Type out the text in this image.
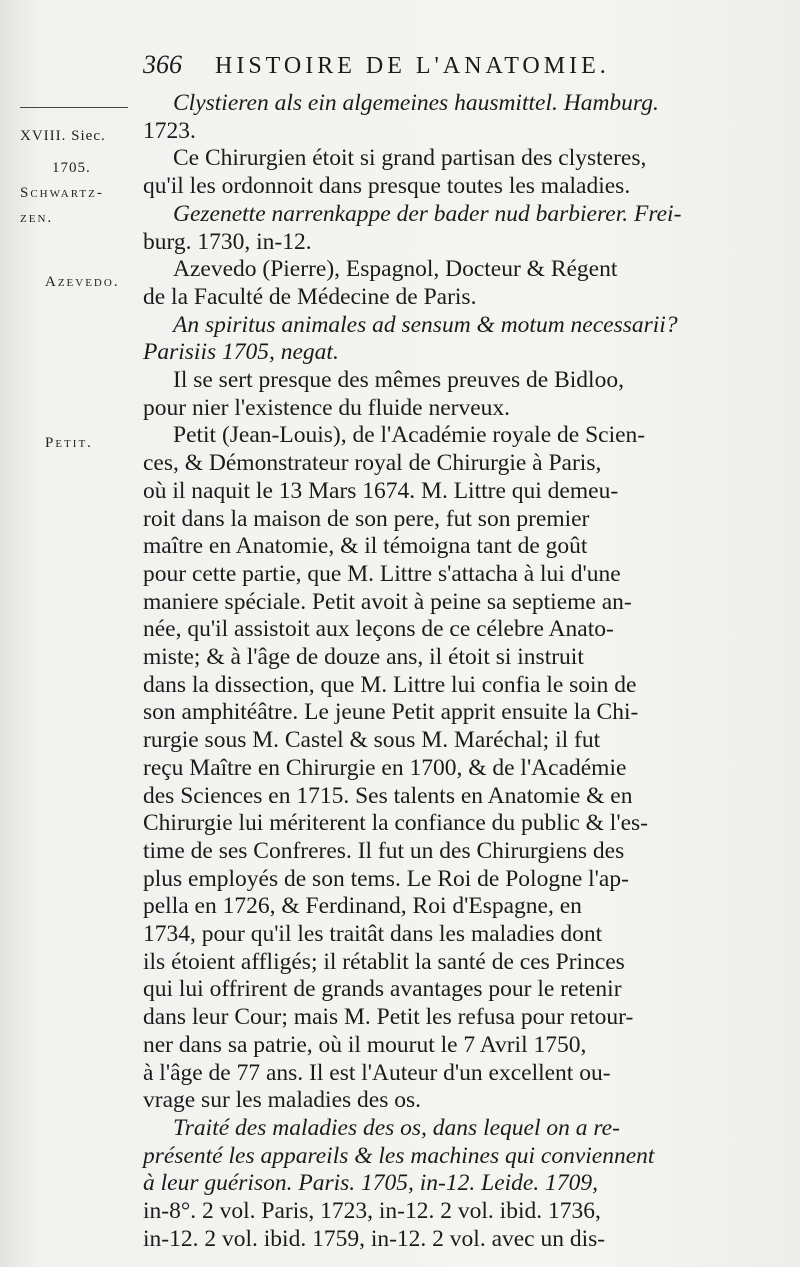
366 HISTOIRE DE L'ANATOMIE.
XVIII. Siec.
1705.
Schwartz-
zen.
Azevedo.
Petit.
Clystieren als ein algemeines hausmittel. Hamburg.
1723.
Ce Chirurgien étoit si grand partisan des clysteres,
qu'il les ordonnoit dans presque toutes les maladies.
Gezenette narrenkappe der bader nud barbierer. Frei-
burg. 1730, in-12.
Azevedo (Pierre), Espagnol, Docteur & Régent
de la Faculté de Médecine de Paris.
An spiritus animales ad sensum & motum necessarii?
Parisiis 1705, negat.
Il se sert presque des mêmes preuves de Bidloo,
pour nier l'existence du fluide nerveux.
Petit (Jean-Louis), de l'Académie royale de Scien-
ces, & Démonstrateur royal de Chirurgie à Paris,
où il naquit le 13 Mars 1674. M. Littre qui demeu-
roit dans la maison de son pere, fut son premier
maître en Anatomie, & il témoigna tant de goût
pour cette partie, que M. Littre s'attacha à lui d'une
maniere spéciale. Petit avoit à peine sa septieme an-
née, qu'il assistoit aux leçons de ce célebre Anato-
miste; & à l'âge de douze ans, il étoit si instruit
dans la dissection, que M. Littre lui confia le soin de
son amphitéâtre. Le jeune Petit apprit ensuite la Chi-
rurgie sous M. Castel & sous M. Maréchal; il fut
reçu Maître en Chirurgie en 1700, & de l'Académie
des Sciences en 1715. Ses talents en Anatomie & en
Chirurgie lui mériterent la confiance du public & l'es-
time de ses Confreres. Il fut un des Chirurgiens des
plus employés de son tems. Le Roi de Pologne l'ap-
pella en 1726, & Ferdinand, Roi d'Espagne, en
1734, pour qu'il les traitât dans les maladies dont
ils étoient affligés; il rétablit la santé de ces Princes
qui lui offrirent de grands avantages pour le retenir
dans leur Cour; mais M. Petit les refusa pour retour-
ner dans sa patrie, où il mourut le 7 Avril 1750,
à l'âge de 77 ans. Il est l'Auteur d'un excellent ou-
vrage sur les maladies des os.
Traité des maladies des os, dans lequel on a re-
présenté les appareils & les machines qui conviennent
à leur guérison. Paris. 1705, in-12. Leide. 1709,
in-8°. 2 vol. Paris, 1723, in-12. 2 vol. ibid. 1736,
in-12. 2 vol. ibid. 1759, in-12. 2 vol. avec un dis-
